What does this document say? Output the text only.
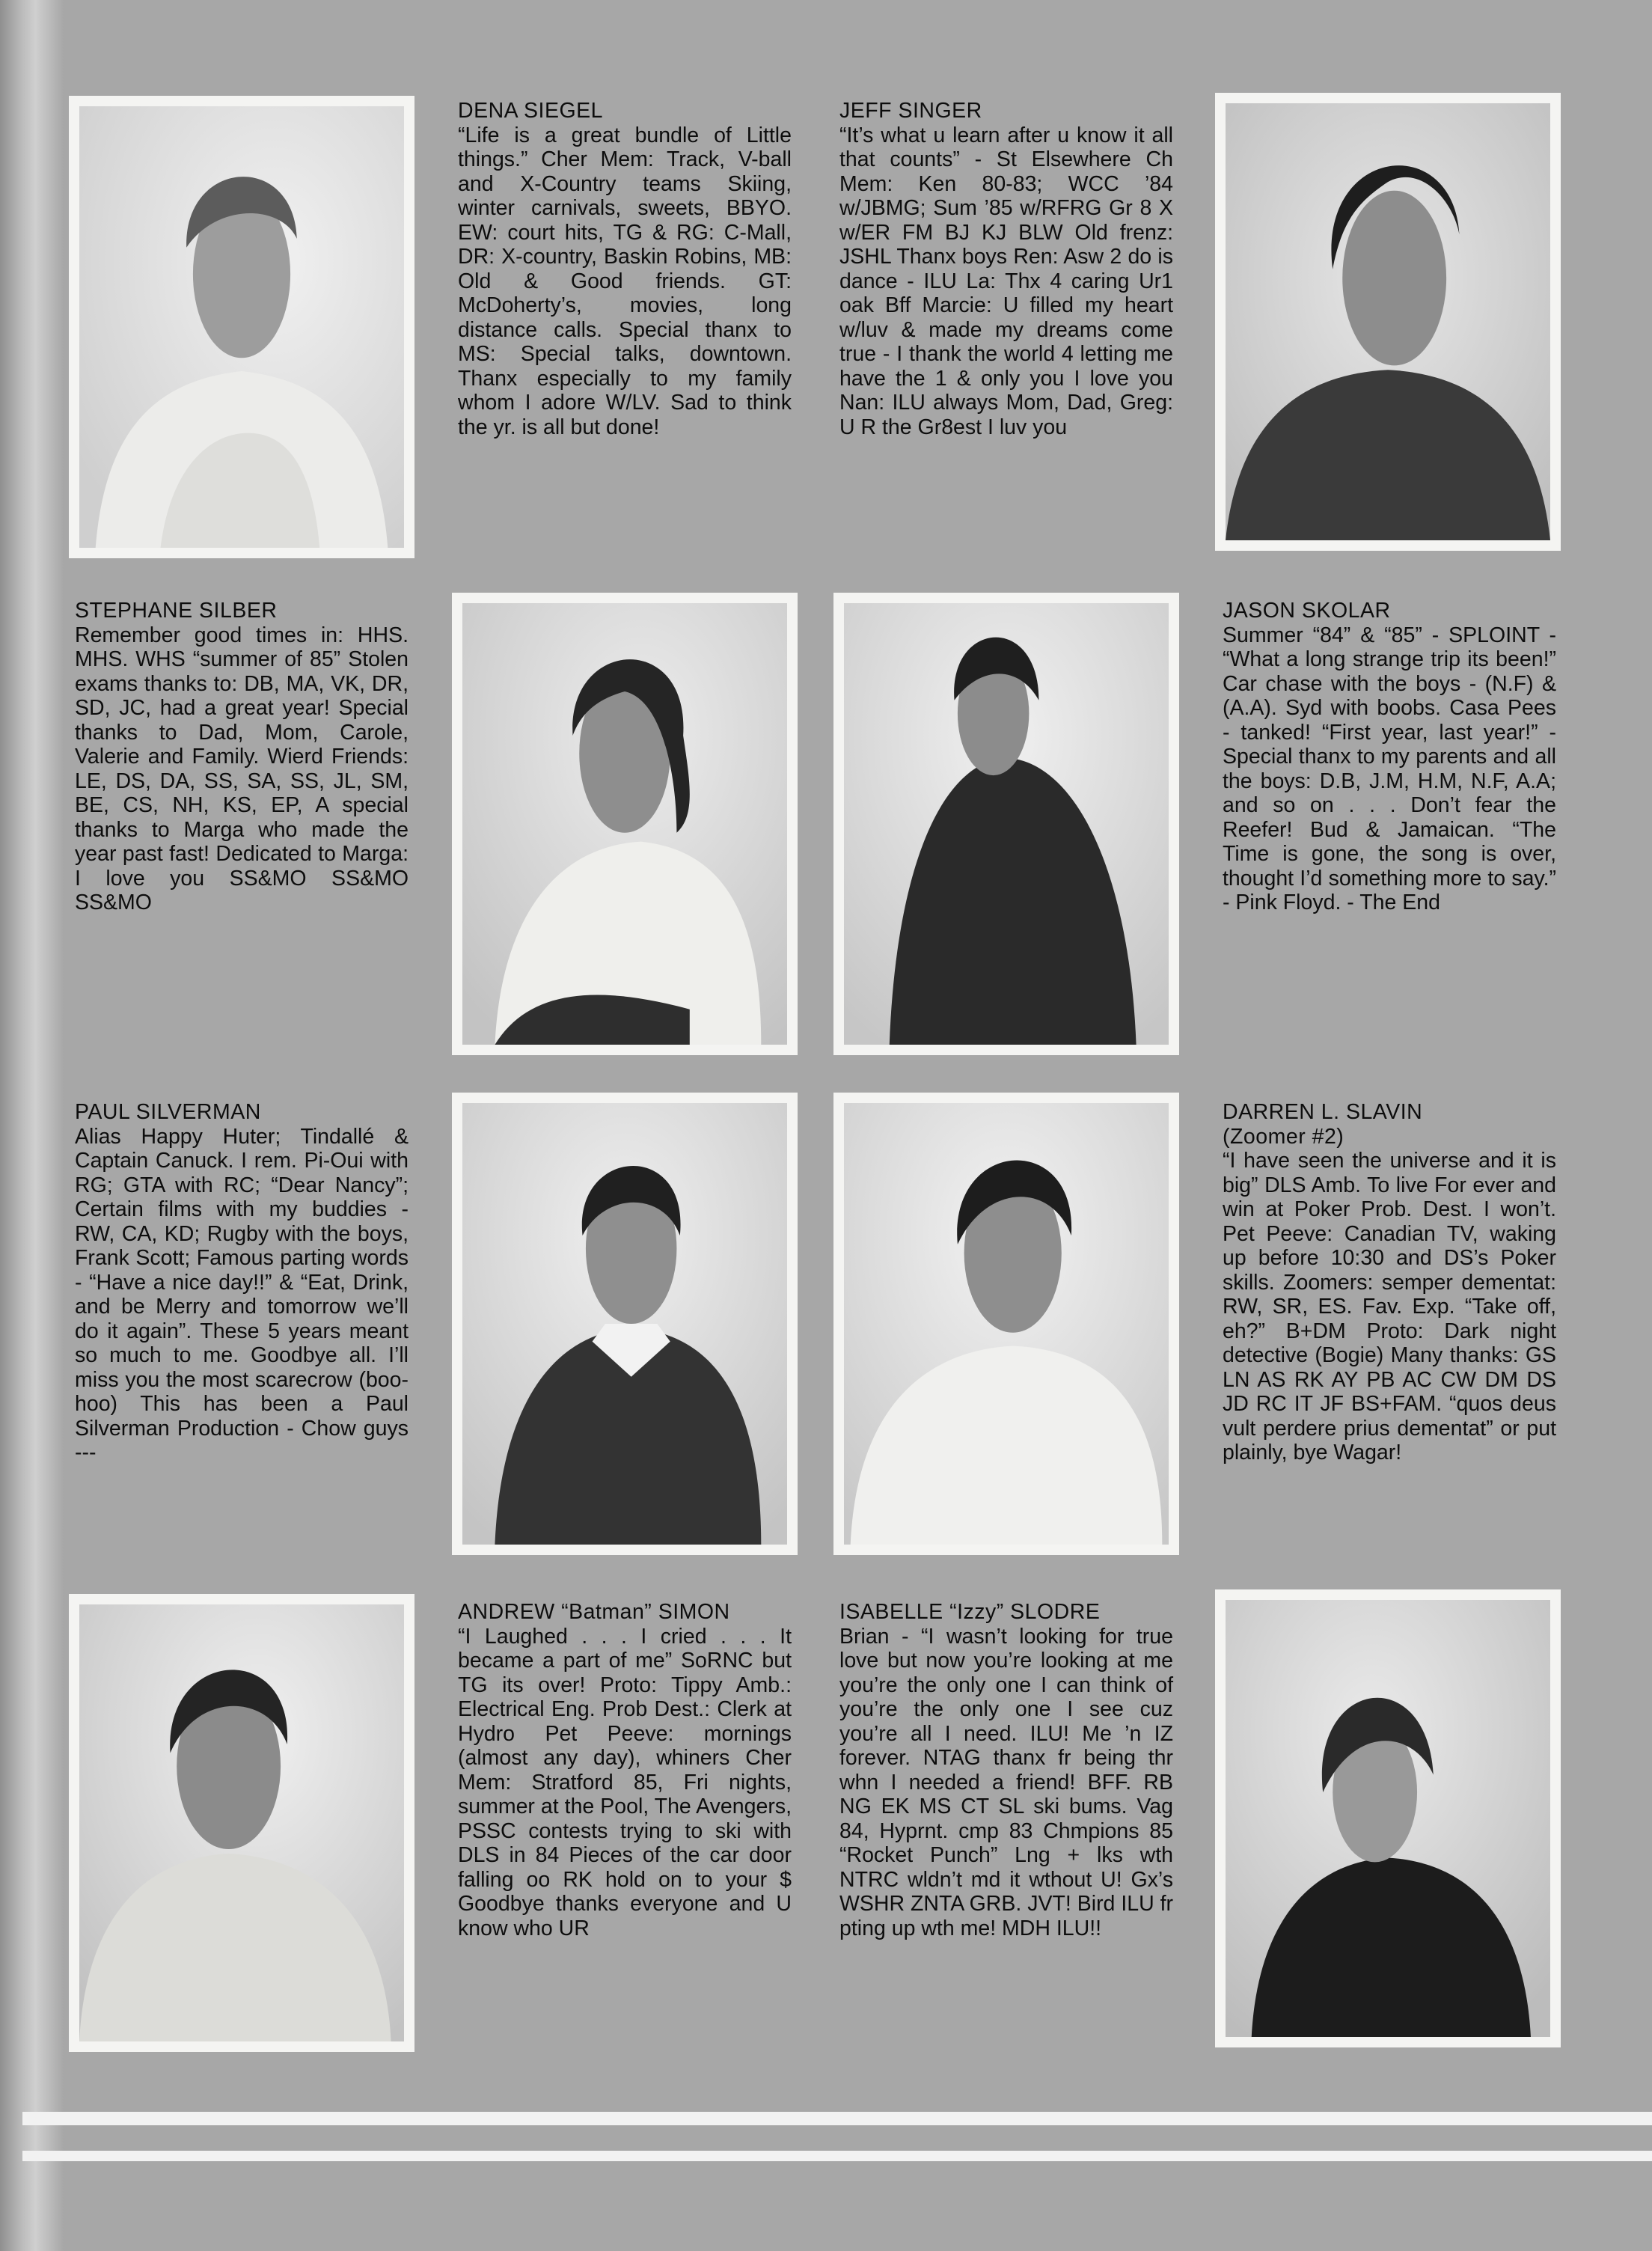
DENA SIEGEL
“Life is a great bundle of Little things.” Cher Mem: Track, V-ball and X-Country teams Skiing, winter carnivals, sweets, BBYO. EW: court hits, TG & RG: C-Mall, DR: X-country, Baskin Robins, MB: Old & Good friends. GT: McDoherty’s, movies, long distance calls. Special thanx to MS: Special talks, downtown. Thanx especially to my family whom I adore W/LV. Sad to think the yr. is all but done!
JEFF SINGER
“It’s what u learn after u know it all that counts” - St Elsewhere Ch Mem: Ken 80-83; WCC ’84 w/JBMG; Sum ’85 w/RFRG Gr 8 X w/ER FM BJ KJ BLW Old frenz: JSHL Thanx boys Ren: Asw 2 do is dance - ILU La: Thx 4 caring Ur1 oak Bff Marcie: U filled my heart w/luv & made my dreams come true - I thank the world 4 letting me have the 1 & only you I love you Nan: ILU always Mom, Dad, Greg: U R the Gr8est I luv you
STEPHANE SILBER
Remember good times in: HHS. MHS. WHS “summer of 85” Stolen exams thanks to: DB, MA, VK, DR, SD, JC, had a great year! Special thanks to Dad, Mom, Carole, Valerie and Family. Wierd Friends: LE, DS, DA, SS, SA, SS, JL, SM, BE, CS, NH, KS, EP, A special thanks to Marga who made the year past fast! Dedicated to Marga: I love you SS&MO SS&MO SS&MO
JASON SKOLAR
Summer “84” & “85” - SPLOINT - “What a long strange trip its been!” Car chase with the boys - (N.F) & (A.A). Syd with boobs. Casa Pees - tanked! “First year, last year!” - Special thanx to my parents and all the boys: D.B, J.M, H.M, N.F, A.A; and so on . . . Don’t fear the Reefer! Bud & Jamaican. “The Time is gone, the song is over, thought I’d something more to say.” - Pink Floyd. - The End
PAUL SILVERMAN
Alias Happy Huter; Tindallé & Captain Canuck. I rem. Pi-Oui with RG; GTA with RC; “Dear Nancy”; Certain films with my buddies - RW, CA, KD; Rugby with the boys, Frank Scott; Famous parting words - “Have a nice day!!” & “Eat, Drink, and be Merry and tomorrow we’ll do it again”. These 5 years meant so much to me. Goodbye all. I’ll miss you the most scarecrow (boo-hoo) This has been a Paul Silverman Production - Chow guys ---
DARREN L. SLAVIN
(Zoomer #2)
“I have seen the universe and it is big” DLS Amb. To live For ever and win at Poker Prob. Dest. I won’t. Pet Peeve: Canadian TV, waking up before 10:30 and DS’s Poker skills. Zoomers: semper dementat: RW, SR, ES. Fav. Exp. “Take off, eh?” B+DM Proto: Dark night detective (Bogie) Many thanks: GS LN AS RK AY PB AC CW DM DS JD RC IT JF BS+FAM. “quos deus vult perdere prius dementat” or put plainly, bye Wagar!
ANDREW “Batman” SIMON
“I Laughed . . . I cried . . . It became a part of me” SoRNC but TG its over! Proto: Tippy Amb.: Electrical Eng. Prob Dest.: Clerk at Hydro Pet Peeve: mornings (almost any day), whiners Cher Mem: Stratford 85, Fri nights, summer at the Pool, The Avengers, PSSC contests trying to ski with DLS in 84 Pieces of the car door falling oo RK hold on to your $ Goodbye thanks everyone and U know who UR
ISABELLE “Izzy” SLODRE
Brian - “I wasn’t looking for true love but now you’re looking at me you’re the only one I can think of you’re the only one I see cuz you’re all I need. ILU! Me ’n IZ forever. NTAG thanx fr being thr whn I needed a friend! BFF. RB NG EK MS CT SL ski bums. Vag 84, Hyprnt. cmp 83 Chmpions 85 “Rocket Punch” Lng + lks wth NTRC wldn’t md it wthout U! Gx’s WSHR ZNTA GRB. JVT! Bird ILU fr pting up wth me! MDH ILU!!
